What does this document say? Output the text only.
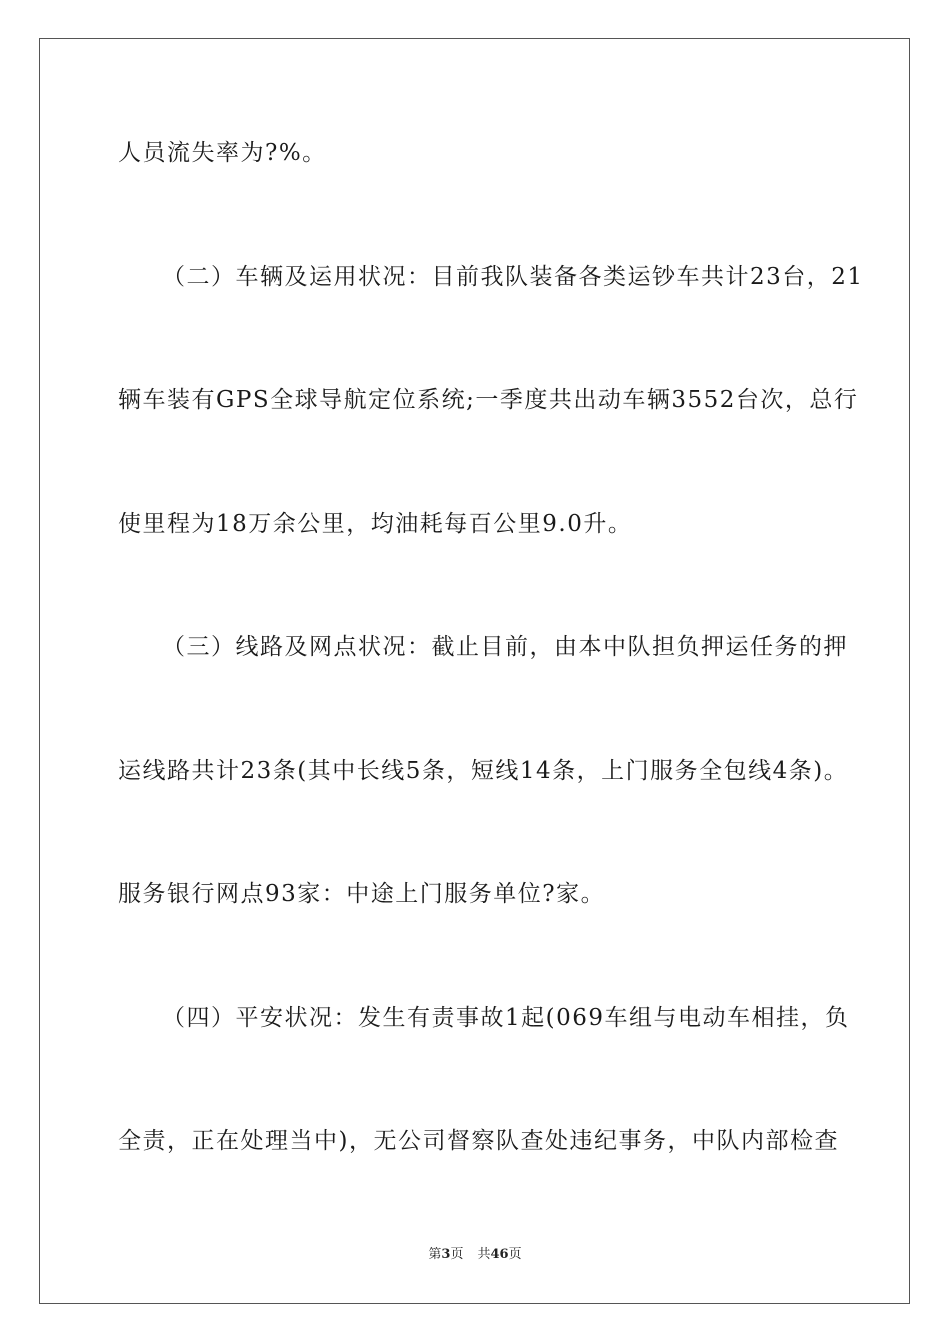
人员流失率为?%。
（二）车辆及运用状况：目前我队装备各类运钞车共计23台，21
辆车装有GPS全球导航定位系统;一季度共出动车辆3552台次，总行
使里程为18万余公里，均油耗每百公里9.0升。
（三）线路及网点状况：截止目前，由本中队担负押运任务的押
运线路共计23条(其中长线5条，短线14条，上门服务全包线4条)。
服务银行网点93家：中途上门服务单位?家。
（四）平安状况：发生有责事故1起(069车组与电动车相挂，负
全责，正在处理当中)，无公司督察队查处违纪事务，中队内部检查
第3页 共46页
